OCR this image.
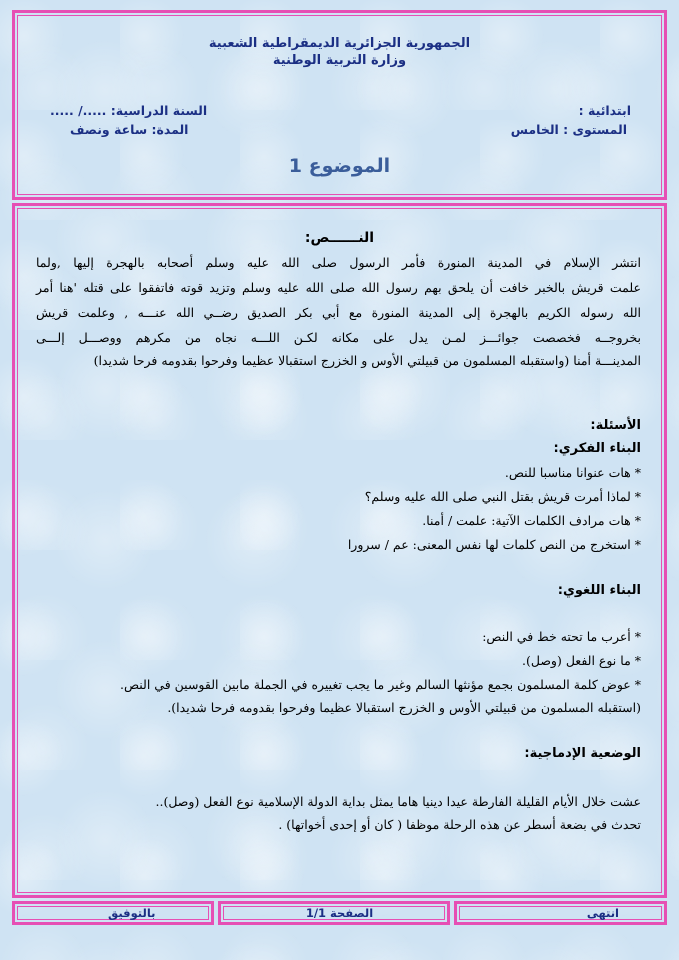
الجمهورية الجزائرية الديمقراطية الشعبية
وزارة التربية الوطنية
ابتدائية :
المستوى : الخامس
السنة الدراسية: ...../ .....
المدة: ساعة ونصف
الموضوع 1
النــــــص:
انتشر الإسلام في المدينة المنورة فأمر الرسول صلى الله عليه وسلم أصحابه بالهجرة إليها ,ولما
علمت قريش بالخبر خافت أن يلحق بهم رسول الله صلى الله عليه وسلم وتزيد قوته فاتفقوا على قتله 'هنا أمر
الله رسوله الكريم بالهجرة إلى المدينة المنورة مع أبي بكر الصديق رضــي الله عنـــه , وعلمت قريش
بخروجــه فخصصت جوائـــز لمـن يدل على مكانه لكـن اللـــه نجاه من مكرهم ووصـــل إلـــى
المدينـــة أمنا (واستقبله المسلمون من قبيلتي الأوس و الخزرج استقبالا عظيما وفرحوا بقدومه فرحا شديدا)
الأسئلة:
البناء الفكري:
* هات عنوانا مناسبا للنص.
* لماذا أمرت قريش بقتل النبي صلى الله عليه وسلم؟
* هات مرادف الكلمات الآتية: علمت / أمنا.
* استخرج من النص كلمات لها نفس المعنى: عم / سرورا
البناء اللغوي:
* أعرب ما تحته خط في النص:
* ما نوع الفعل (وصل).
* عوض كلمة المسلمون بجمع مؤنثها السالم وغير ما يجب تغييره في الجملة مابين القوسين في النص.
(استقبله المسلمون من قبيلتي الأوس و الخزرج استقبالا عظيما وفرحوا بقدومه فرحا شديدا).
الوضعية الإدماجية:
عشت خلال الأيام القليلة الفارطة عيدا دينيا هاما يمثل بداية الدولة الإسلامية نوع الفعل (وصل)..
تحدث في بضعة أسطر عن هذه الرحلة موظفا ( كان أو إحدى أخواتها) .
انتهى
الصفحة 1/1
بالتوفيق
